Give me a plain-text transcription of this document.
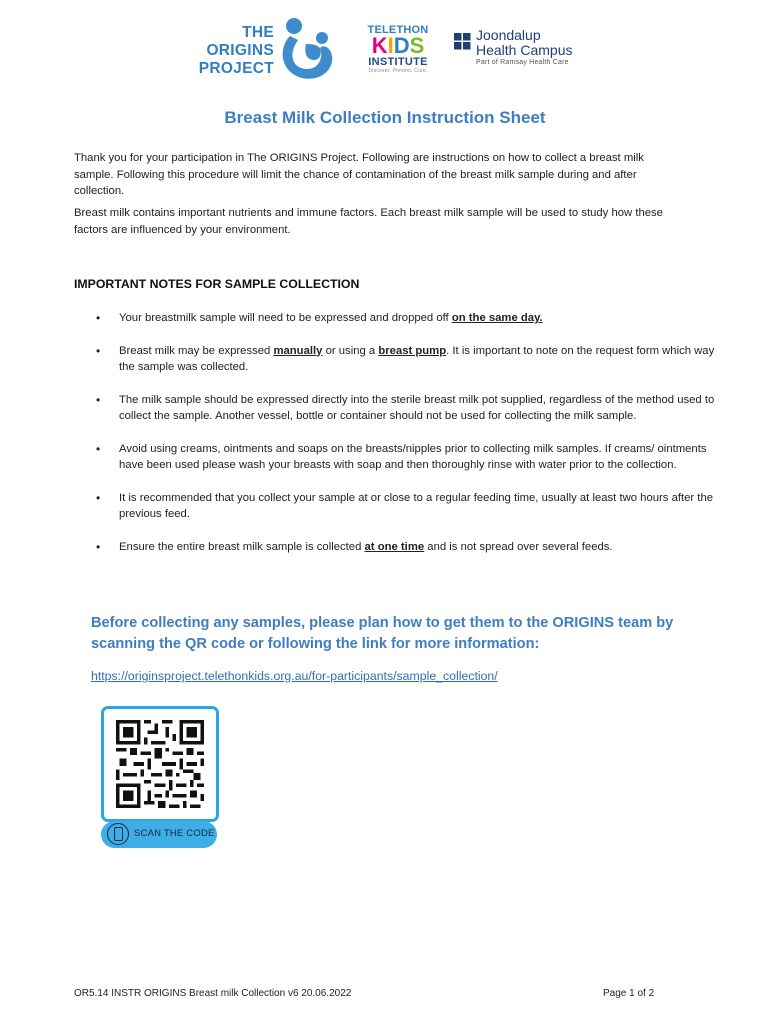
THE
ORIGINS
PROJECT
TELETHON
KIDS
INSTITUTE
Discover. Prevent. Cure.
Joondalup
Health Campus
Part of Ramsay Health Care
Breast Milk Collection Instruction Sheet
Thank you for your participation in The ORIGINS Project. Following are instructions on how to collect a breast milk sample. Following this procedure will limit the chance of contamination of the breast milk sample during and after collection.
Breast milk contains important nutrients and immune factors. Each breast milk sample will be used to study how these factors are influenced by your environment.
IMPORTANT NOTES FOR SAMPLE COLLECTION
• Your breastmilk sample will need to be expressed and dropped off on the same day.
• Breast milk may be expressed manually or using a breast pump. It is important to note on the request form which way the sample was collected.
• The milk sample should be expressed directly into the sterile breast milk pot supplied, regardless of the method used to collect the sample. Another vessel, bottle or container should not be used for collecting the milk sample.
• Avoid using creams, ointments and soaps on the breasts/nipples prior to collecting milk samples. If creams/ ointments have been used please wash your breasts with soap and then thoroughly rinse with water prior to the collection.
• It is recommended that you collect your sample at or close to a regular feeding time, usually at least two hours after the previous feed.
• Ensure the entire breast milk sample is collected at one time and is not spread over several feeds.
Before collecting any samples, please plan how to get them to the ORIGINS team by scanning the QR code or following the link for more information:
https://originsproject.telethonkids.org.au/for-participants/sample_collection/
SCAN THE CODE
OR5.14 INSTR ORIGINS Breast milk Collection v6 20.06.2022	Page 1 of 2
